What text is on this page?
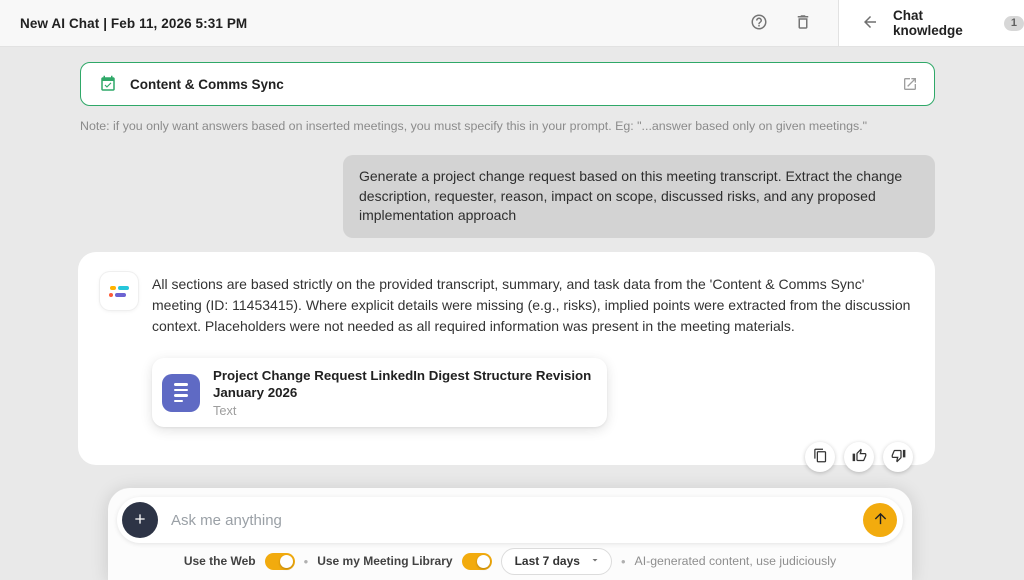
New AI Chat | Feb 11, 2026 5:31 PM	Chat knowledge
1
Content & Comms Sync
Note: if you only want answers based on inserted meetings, you must specify this in your prompt. Eg: "...answer based only on given meetings."
Generate a project change request based on this meeting transcript. Extract the change description, requester, reason, impact on scope, discussed risks, and any proposed implementation approach

All sections are based strictly on the provided transcript, summary, and task data from the 'Content & Comms Sync' meeting (ID: 11453415). Where explicit details were missing (e.g., risks), implied points were extracted from the discussion context. Placeholders were not needed as all required information was present in the meeting materials.

Project Change Request LinkedIn Digest Structure Revision January 2026
Text
Ask me anything
Use the Web	• Use my Meeting Library	Last 7 days	• AI-generated content, use judiciously
